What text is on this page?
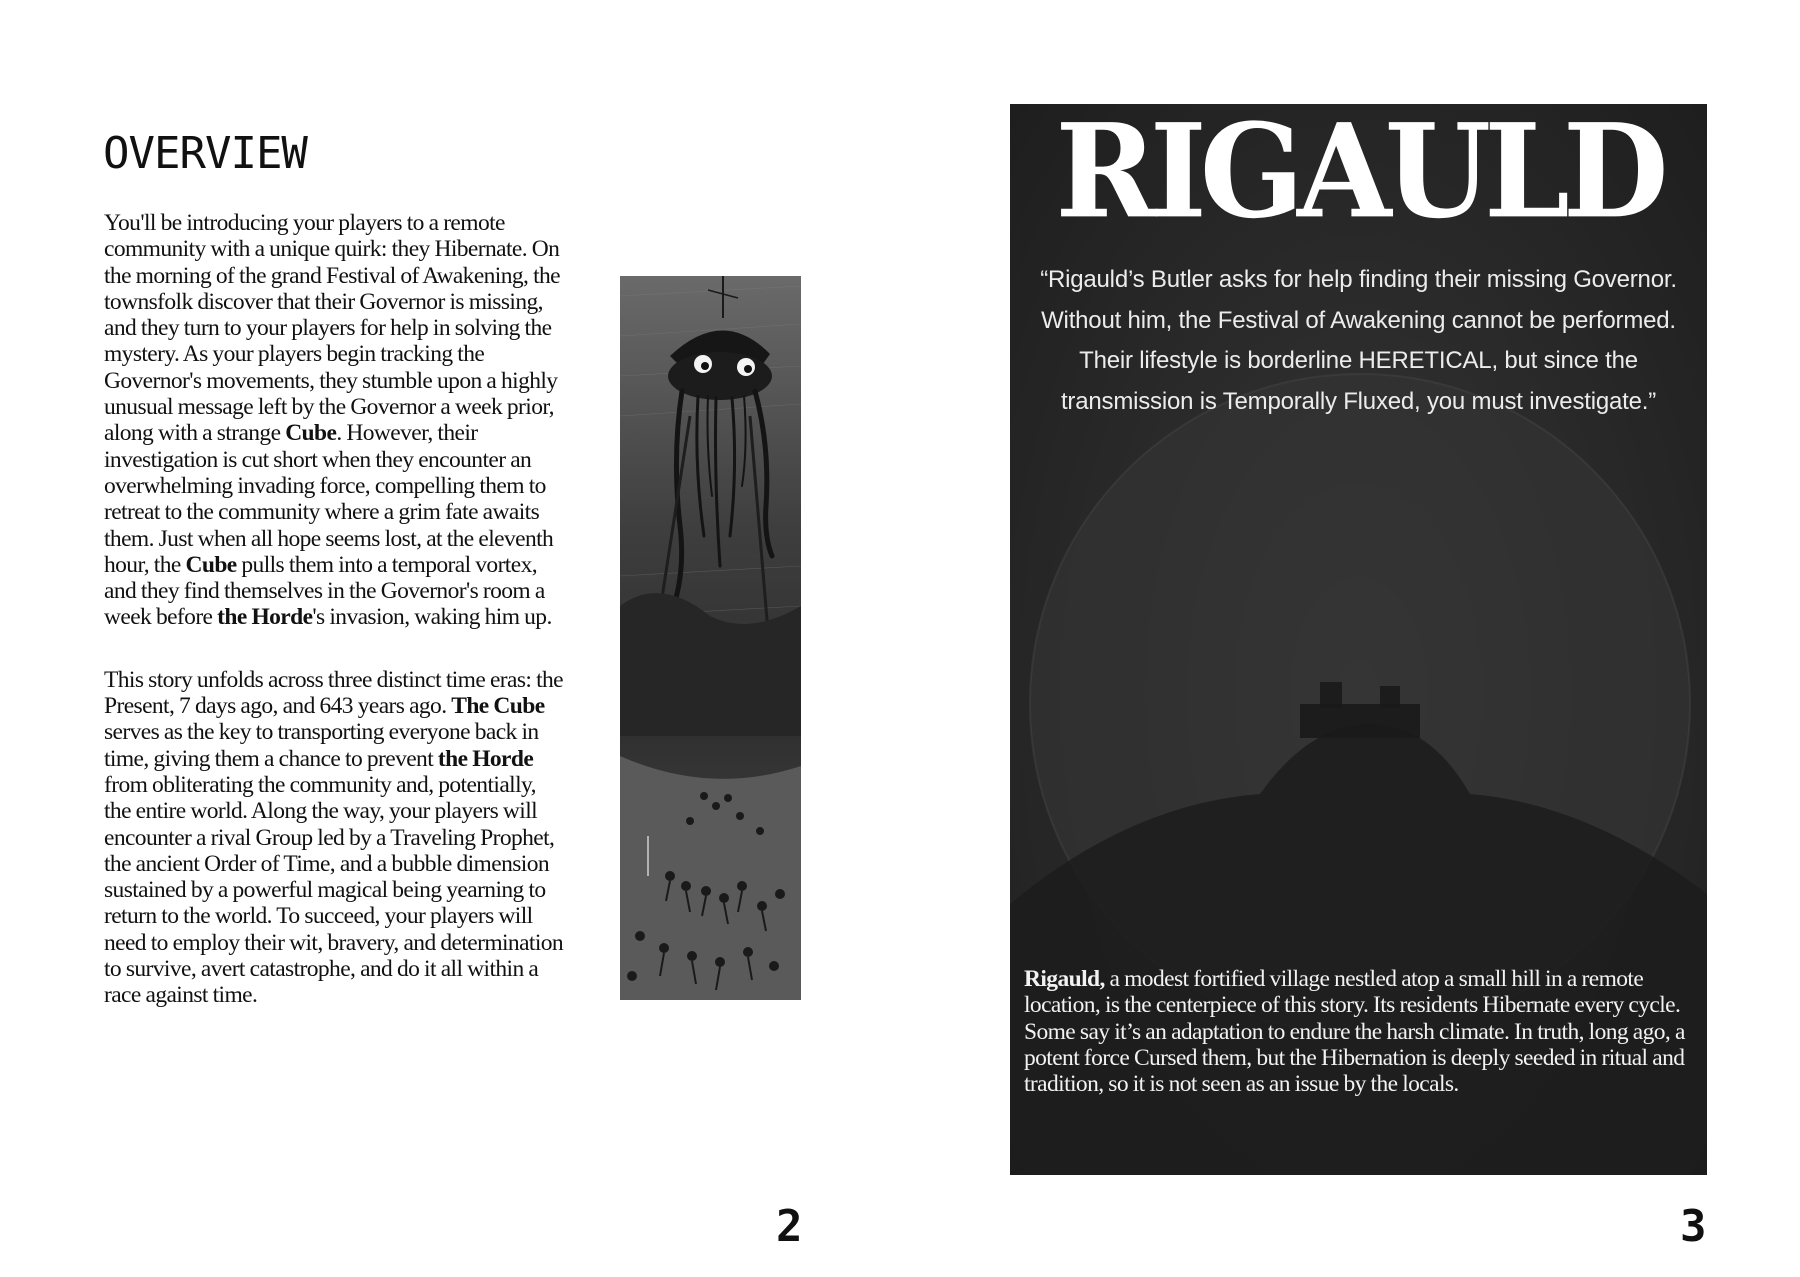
OVERVIEW

You'll be introducing your players to a remote community with a unique quirk: they Hibernate. On the morning of the grand Festival of Awakening, the townsfolk discover that their Governor is missing, and they turn to your players for help in solving the mystery. As your players begin tracking the Governor's movements, they stumble upon a highly unusual message left by the Governor a week prior, along with a strange Cube. However, their investigation is cut short when they encounter an overwhelming invading force, compelling them to retreat to the community where a grim fate awaits them. Just when all hope seems lost, at the eleventh hour, the Cube pulls them into a temporal vortex, and they find themselves in the Governor's room a week before the Horde's invasion, waking him up.

This story unfolds across three distinct time eras: the Present, 7 days ago, and 643 years ago. The Cube serves as the key to transporting everyone back in time, giving them a chance to prevent the Horde from obliterating the community and, potentially, the entire world. Along the way, your players will encounter a rival Group led by a Traveling Prophet, the ancient Order of Time, and a bubble dimension sustained by a powerful magical being yearning to return to the world. To succeed, your players will need to employ their wit, bravery, and determination to survive, avert catastrophe, and do it all within a race against time.

2

RIGAULD

“Rigauld’s Butler asks for help finding their missing Governor. Without him, the Festival of Awakening cannot be performed. Their lifestyle is borderline HERETICAL, but since the transmission is Temporally Fluxed, you must investigate.”

Rigauld, a modest fortified village nestled atop a small hill in a remote location, is the centerpiece of this story. Its residents Hibernate every cycle. Some say it’s an adaptation to endure the harsh climate. In truth, long ago, a potent force Cursed them, but the Hibernation is deeply seeded in ritual and tradition, so it is not seen as an issue by the locals.

3
